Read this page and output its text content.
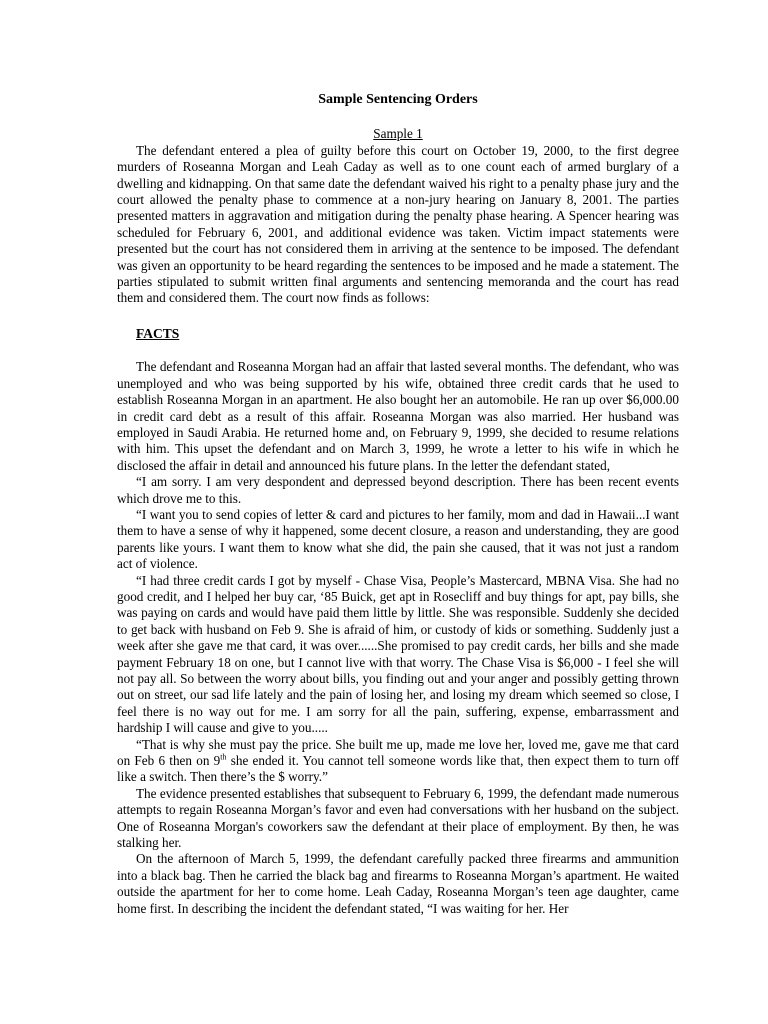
Sample Sentencing Orders

Sample 1

The defendant entered a plea of guilty before this court on October 19, 2000, to the first degree murders of Roseanna Morgan and Leah Caday as well as to one count each of armed burglary of a dwelling and kidnapping. On that same date the defendant waived his right to a penalty phase jury and the court allowed the penalty phase to commence at a non-jury hearing on January 8, 2001. The parties presented matters in aggravation and mitigation during the penalty phase hearing. A Spencer hearing was scheduled for February 6, 2001, and additional evidence was taken. Victim impact statements were presented but the court has not considered them in arriving at the sentence to be imposed. The defendant was given an opportunity to be heard regarding the sentences to be imposed and he made a statement. The parties stipulated to submit written final arguments and sentencing memoranda and the court has read them and considered them. The court now finds as follows:

FACTS

The defendant and Roseanna Morgan had an affair that lasted several months. The defendant, who was unemployed and who was being supported by his wife, obtained three credit cards that he used to establish Roseanna Morgan in an apartment. He also bought her an automobile. He ran up over $6,000.00 in credit card debt as a result of this affair. Roseanna Morgan was also married. Her husband was employed in Saudi Arabia. He returned home and, on February 9, 1999, she decided to resume relations with him. This upset the defendant and on March 3, 1999, he wrote a letter to his wife in which he disclosed the affair in detail and announced his future plans. In the letter the defendant stated,

“I am sorry. I am very despondent and depressed beyond description. There has been recent events which drove me to this.

“I want you to send copies of letter & card and pictures to her family, mom and dad in Hawaii...I want them to have a sense of why it happened, some decent closure, a reason and understanding, they are good parents like yours. I want them to know what she did, the pain she caused, that it was not just a random act of violence.

“I had three credit cards I got by myself - Chase Visa, People’s Mastercard, MBNA Visa. She had no good credit, and I helped her buy car, ‘85 Buick, get apt in Rosecliff and buy things for apt, pay bills, she was paying on cards and would have paid them little by little. She was responsible. Suddenly she decided to get back with husband on Feb 9. She is afraid of him, or custody of kids or something. Suddenly just a week after she gave me that card, it was over......She promised to pay credit cards, her bills and she made payment February 18 on one, but I cannot live with that worry. The Chase Visa is $6,000 - I feel she will not pay all. So between the worry about bills, you finding out and your anger and possibly getting thrown out on street, our sad life lately and the pain of losing her, and losing my dream which seemed so close, I feel there is no way out for me. I am sorry for all the pain, suffering, expense, embarrassment and hardship I will cause and give to you.....

“That is why she must pay the price. She built me up, made me love her, loved me, gave me that card on Feb 6 then on 9th she ended it. You cannot tell someone words like that, then expect them to turn off like a switch. Then there’s the $ worry.”

The evidence presented establishes that subsequent to February 6, 1999, the defendant made numerous attempts to regain Roseanna Morgan’s favor and even had conversations with her husband on the subject. One of Roseanna Morgan's coworkers saw the defendant at their place of employment. By then, he was stalking her.

On the afternoon of March 5, 1999, the defendant carefully packed three firearms and ammunition into a black bag. Then he carried the black bag and firearms to Roseanna Morgan’s apartment. He waited outside the apartment for her to come home. Leah Caday, Roseanna Morgan’s teen age daughter, came home first. In describing the incident the defendant stated, “I was waiting for her. Her
